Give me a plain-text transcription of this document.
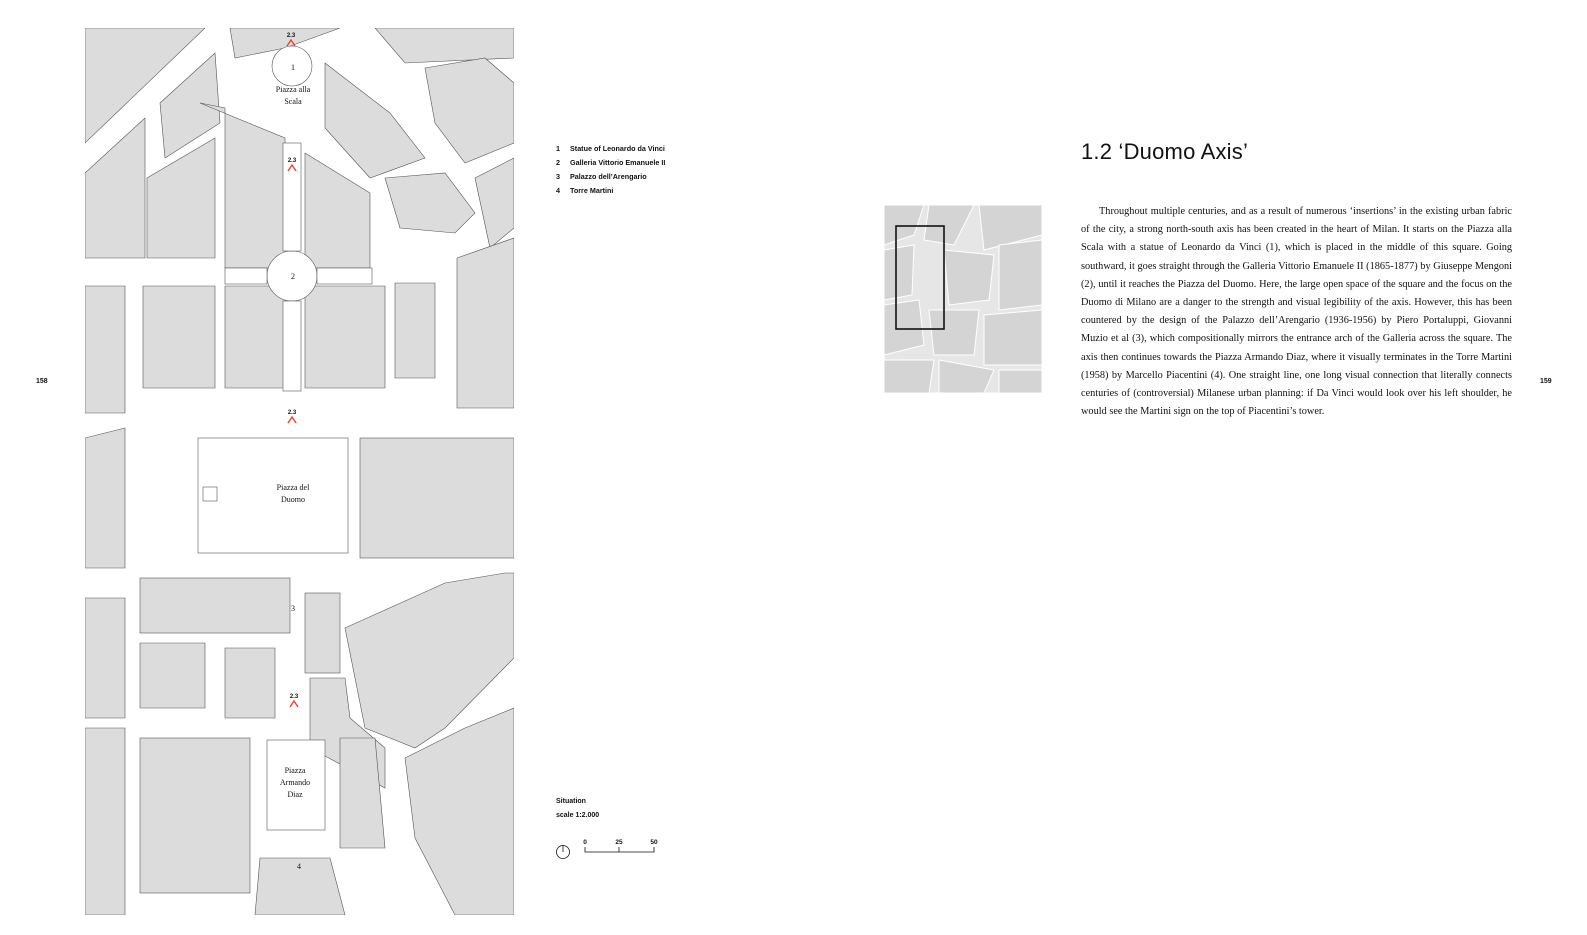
158	159
1
2
3
4
Piazza alla
Scala
Piazza del
Duomo
Piazza
Armando
Diaz
2.3
2.3
2.3
2.3
1	Statue of Leonardo da Vinci
2	Galleria Vittorio Emanuele II
3	Palazzo dell’Arengario
4	Torre Martini
Situation
scale 1:2.000
0	25	50
1.2 ‘Duomo Axis’

Throughout multiple centuries, and as a result of numerous ‘insertions’ in the existing urban fabric of the city, a strong north-south axis has been created in the heart of Milan. It starts on the Piazza alla Scala with a statue of Leonardo da Vinci (1), which is placed in the middle of this square. Going southward, it goes straight through the Galleria Vittorio Emanuele II (1865-1877) by Giuseppe Mengoni (2), until it reaches the Piazza del Duomo. Here, the large open space of the square and the focus on the Duomo di Milano are a danger to the strength and visual legibility of the axis. However, this has been countered by the design of the Palazzo dell’Arengario (1936-1956) by Piero Portaluppi, Giovanni Muzio et al (3), which compositionally mirrors the entrance arch of the Galleria across the square. The axis then continues towards the Piazza Armando Diaz, where it visually terminates in the Torre Martini (1958) by Marcello Piacentini (4). One straight line, one long visual connection that literally connects centuries of (controversial) Milanese urban planning: if Da Vinci would look over his left shoulder, he would see the Martini sign on the top of Piacentini’s tower.
